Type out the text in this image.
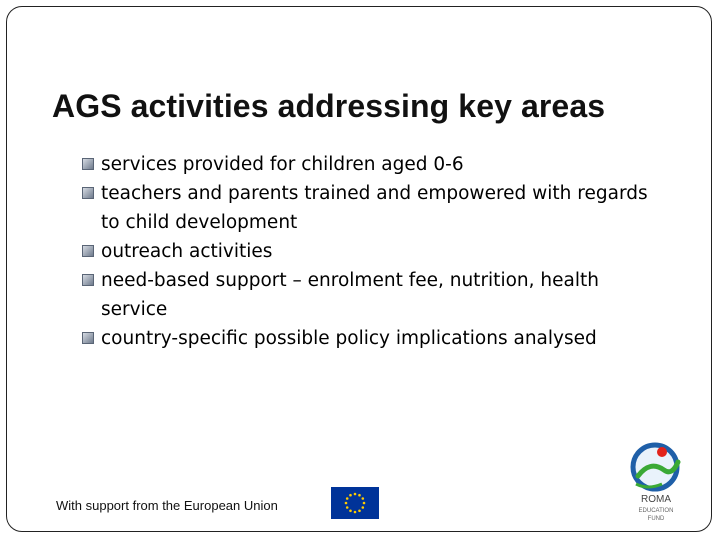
AGS activities addressing key areas
services provided for children aged 0-6
teachers and parents trained and empowered with regards
to child development
outreach activities
need-based support – enrolment fee, nutrition, health
service
country-specific possible policy implications analysed
With support from the European Union	ROMA
EDUCATION
FUND
